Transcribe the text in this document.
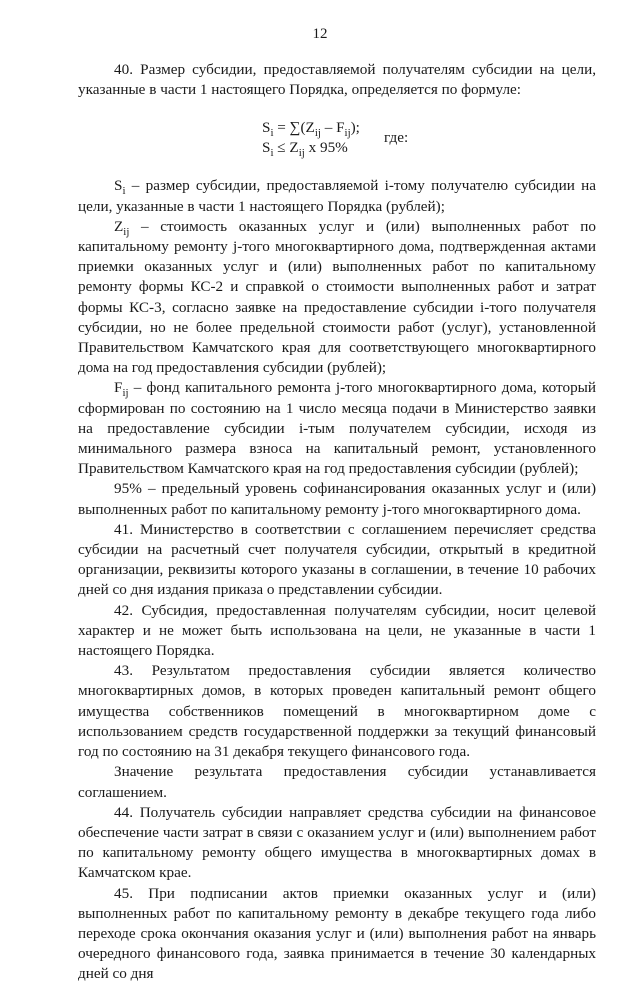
12

40. Размер субсидии, предоставляемой получателям субсидии на цели, указанные в части 1 настоящего Порядка, определяется по формуле:

$S_i = \sum(Z_{ij} - F_{ij})$;
$S_i \le Z_{ij}$ х 95%
где:

$S_i$ – размер субсидии, предоставляемой i-тому получателю субсидии на цели, указанные в части 1 настоящего Порядка (рублей);

$Z_{ij}$ – стоимость оказанных услуг и (или) выполненных работ по капитальному ремонту j-того многоквартирного дома, подтвержденная актами приемки оказанных услуг и (или) выполненных работ по капитальному ремонту формы КС-2 и справкой о стоимости выполненных работ и затрат формы КС-3, согласно заявке на предоставление субсидии i-того получателя субсидии, но не более предельной стоимости работ (услуг), установленной Правительством Камчатского края для соответствующего многоквартирного дома на год предоставления субсидии (рублей);

$F_{ij}$ – фонд капитального ремонта j-того многоквартирного дома, который сформирован по состоянию на 1 число месяца подачи в Министерство заявки на предоставление субсидии i-тым получателем субсидии, исходя из минимального размера взноса на капитальный ремонт, установленного Правительством Камчатского края на год предоставления субсидии (рублей);

95% – предельный уровень софинансирования оказанных услуг и (или) выполненных работ по капитальному ремонту j-того многоквартирного дома.

41. Министерство в соответствии с соглашением перечисляет средства субсидии на расчетный счет получателя субсидии, открытый в кредитной организации, реквизиты которого указаны в соглашении, в течение 10 рабочих дней со дня издания приказа о представлении субсидии.

42. Субсидия, предоставленная получателям субсидии, носит целевой характер и не может быть использована на цели, не указанные в части 1 настоящего Порядка.

43. Результатом предоставления субсидии является количество многоквартирных домов, в которых проведен капитальный ремонт общего имущества собственников помещений в многоквартирном доме с использованием средств государственной поддержки за текущий финансовый год по состоянию на 31 декабря текущего финансового года.

Значение результата предоставления субсидии устанавливается соглашением.

44. Получатель субсидии направляет средства субсидии на финансовое обеспечение части затрат в связи с оказанием услуг и (или) выполнением работ по капитальному ремонту общего имущества в многоквартирных домах в Камчатском крае.

45. При подписании актов приемки оказанных услуг и (или) выполненных работ по капитальному ремонту в декабре текущего года либо переходе срока окончания оказания услуг и (или) выполнения работ на январь очередного финансового года, заявка принимается в течение 30 календарных дней со дня
